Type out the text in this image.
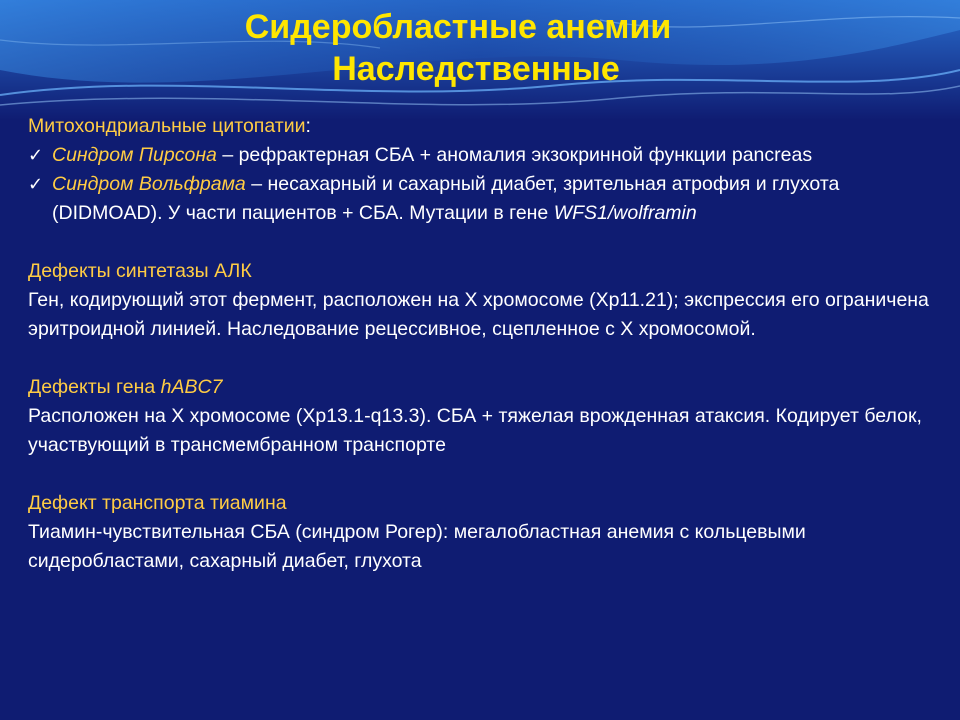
Сидеробластные анемии
Наследственные

Митохондриальные цитопатии:

✓ Синдром Пирсона – рефрактерная СБА + аномалия экзокринной функции pancreas

✓ Синдром Вольфрама – несахарный и сахарный диабет, зрительная атрофия и глухота (DIDMOAD). У части пациентов + СБА. Мутации в гене WFS1/wolframin

Дефекты синтетазы АЛК

Ген, кодирующий этот фермент, расположен на Х хромосоме (Хр11.21); экспрессия его ограничена эритроидной линией. Наследование рецессивное, сцепленное с Х хромосомой.

Дефекты гена hABC7

Расположен на Х хромосоме (Хр13.1-q13.3). СБА + тяжелая врожденная атаксия. Кодирует белок, участвующий в трансмембранном транспорте

Дефект транспорта тиамина

Тиамин-чувствительная СБА (синдром Рогер): мегалобластная анемия с кольцевыми сидеробластами, сахарный диабет, глухота
